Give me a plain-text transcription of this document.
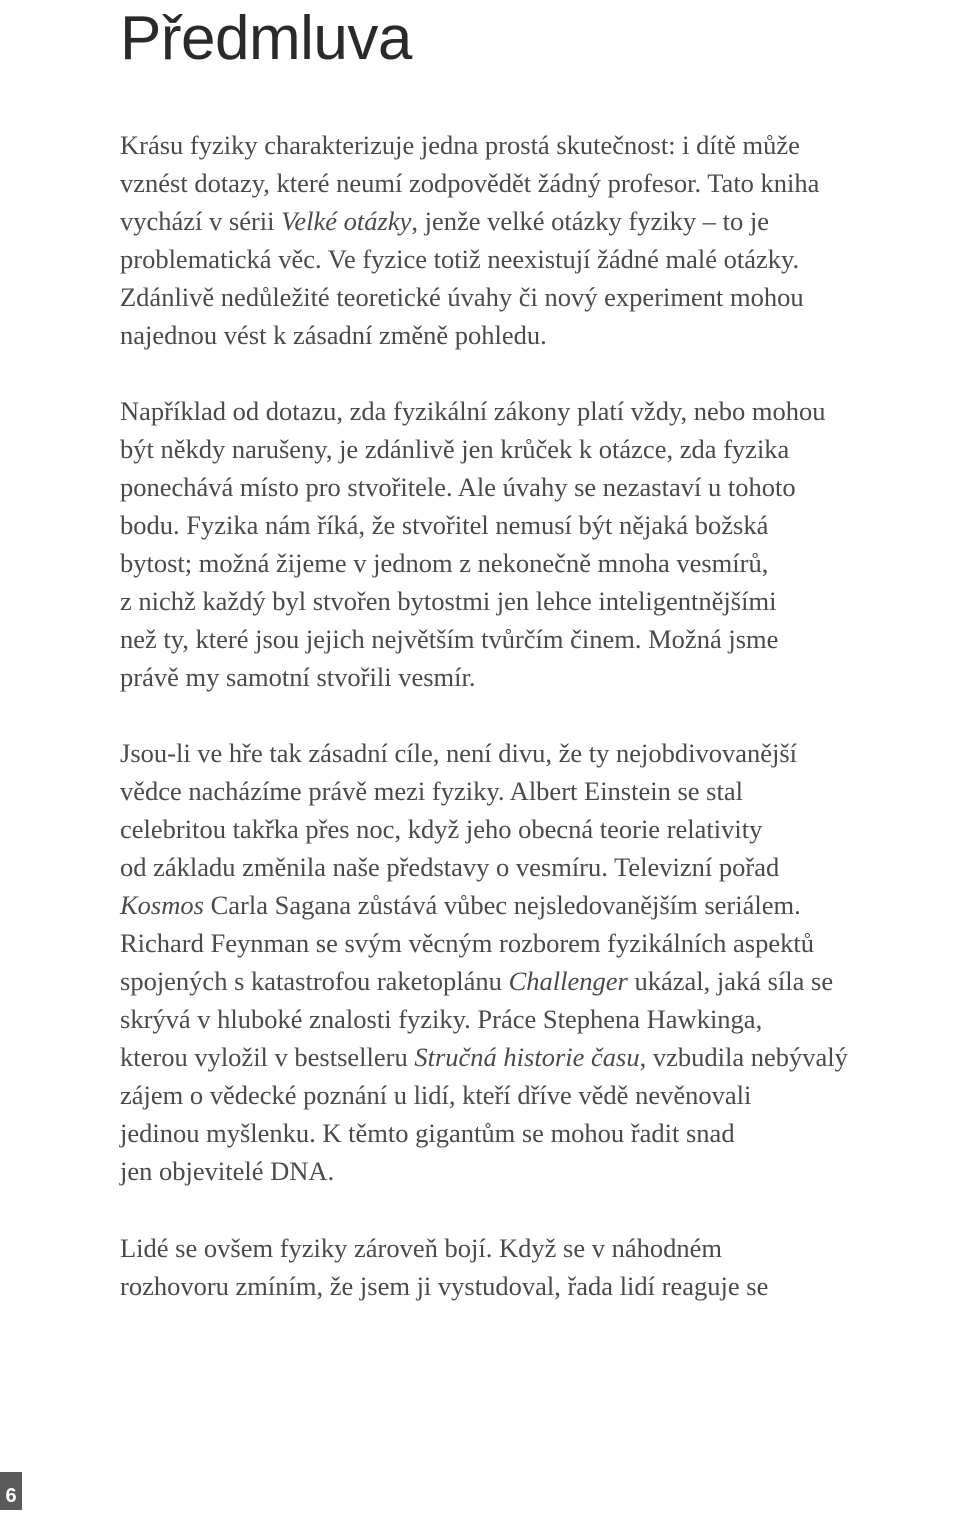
Předmluva
Krásu fyziky charakterizuje jedna prostá skutečnost: i dítě může
vznést dotazy, které neumí zodpovědět žádný profesor. Tato kniha
vychází v sérii Velké otázky, jenže velké otázky fyziky – to je
problematická věc. Ve fyzice totiž neexistují žádné malé otázky.
Zdánlivě nedůležité teoretické úvahy či nový experiment mohou
najednou vést k zásadní změně pohledu.
Například od dotazu, zda fyzikální zákony platí vždy, nebo mohou
být někdy narušeny, je zdánlivě jen krůček k otázce, zda fyzika
ponechává místo pro stvořitele. Ale úvahy se nezastaví u tohoto
bodu. Fyzika nám říká, že stvořitel nemusí být nějaká božská
bytost; možná žijeme v jednom z nekonečně mnoha vesmírů,
z nichž každý byl stvořen bytostmi jen lehce inteligentnějšími
než ty, které jsou jejich největším tvůrčím činem. Možná jsme
právě my samotní stvořili vesmír.
Jsou-li ve hře tak zásadní cíle, není divu, že ty nejobdivovanější
vědce nacházíme právě mezi fyziky. Albert Einstein se stal
celebritou takřka přes noc, když jeho obecná teorie relativity
od základu změnila naše představy o vesmíru. Televizní pořad
Kosmos Carla Sagana zůstává vůbec nejsledovanějším seriálem.
Richard Feynman se svým věcným rozborem fyzikálních aspektů
spojených s katastrofou raketoplánu Challenger ukázal, jaká síla se
skrývá v hluboké znalosti fyziky. Práce Stephena Hawkinga,
kterou vyložil v bestselleru Stručná historie času, vzbudila nebývalý
zájem o vědecké poznání u lidí, kteří dříve vědě nevěnovali
jedinou myšlenku. K těmto gigantům se mohou řadit snad
jen objevitelé DNA.
Lidé se ovšem fyziky zároveň bojí. Když se v náhodném
rozhovoru zmíním, že jsem ji vystudoval, řada lidí reaguje se
6
